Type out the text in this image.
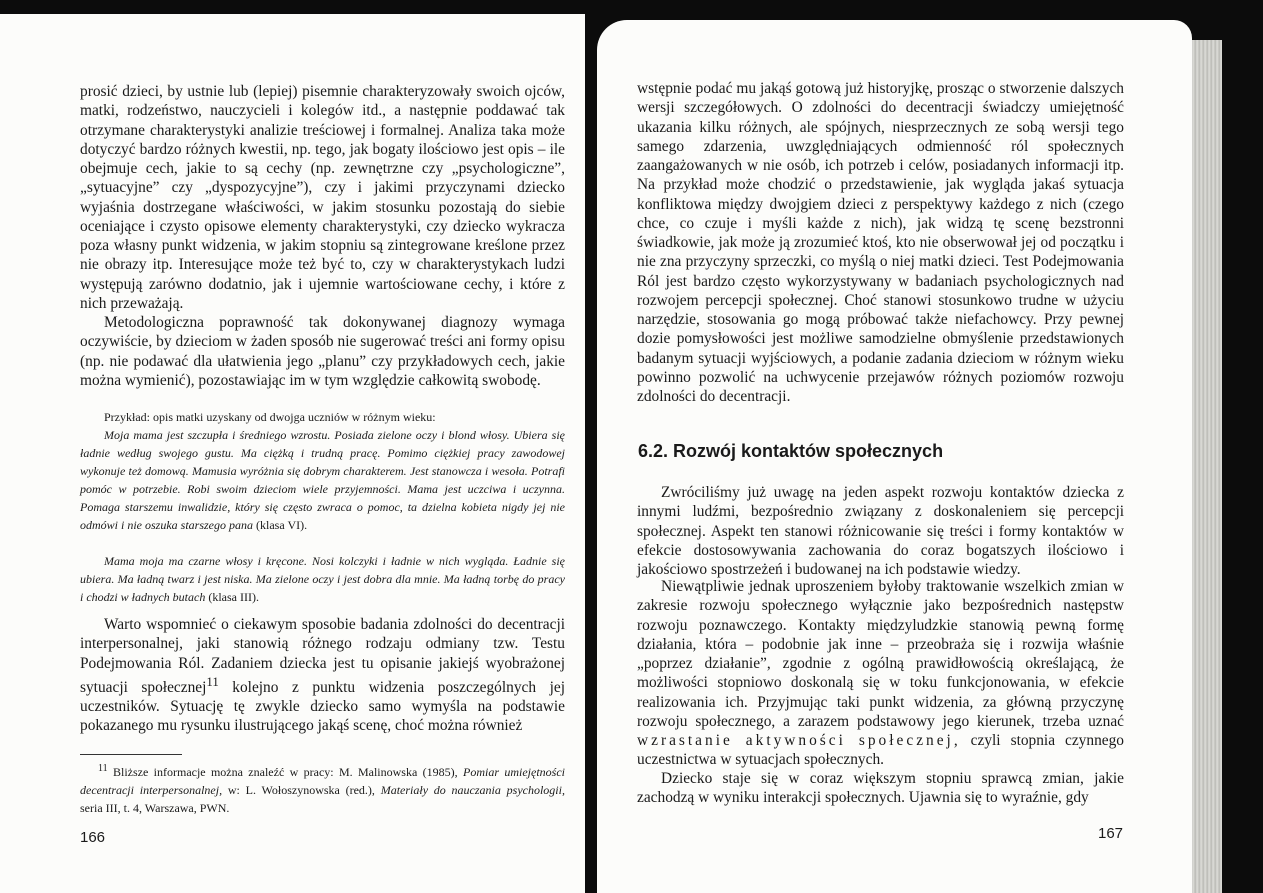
prosić dzieci, by ustnie lub (lepiej) pisemnie charakteryzowały swoich ojców, matki, rodzeństwo, nauczycieli i kolegów itd., a następnie poddawać tak otrzymane charakterystyki analizie treściowej i formalnej. Analiza taka może dotyczyć bardzo różnych kwestii, np. tego, jak bogaty ilościowo jest opis – ile obejmuje cech, jakie to są cechy (np. zewnętrzne czy „psychologiczne”, „sytuacyjne” czy „dyspozycyjne”), czy i jakimi przyczynami dziecko wyjaśnia dostrzegane właściwości, w jakim stosunku pozostają do siebie oceniające i czysto opisowe elementy charakterystyki, czy dziecko wykracza poza własny punkt widzenia, w jakim stopniu są zintegrowane kreślone przez nie obrazy itp. Interesujące może też być to, czy w charakterystykach ludzi występują zarówno dodatnio, jak i ujemnie wartościowane cechy, i które z nich przeważają.

Metodologiczna poprawność tak dokonywanej diagnozy wymaga oczywiście, by dzieciom w żaden sposób nie sugerować treści ani formy opisu (np. nie podawać dla ułatwienia jego „planu” czy przykładowych cech, jakie można wymienić), pozostawiając im w tym względzie całkowitą swobodę.

Przykład: opis matki uzyskany od dwojga uczniów w różnym wieku:

Moja mama jest szczupła i średniego wzrostu. Posiada zielone oczy i blond włosy. Ubiera się ładnie według swojego gustu. Ma ciężką i trudną pracę. Pomimo ciężkiej pracy zawodowej wykonuje też domową. Mamusia wyróżnia się dobrym charakterem. Jest stanowcza i wesoła. Potrafi pomóc w potrzebie. Robi swoim dzieciom wiele przyjemności. Mama jest uczciwa i uczynna. Pomaga starszemu inwalidzie, który się często zwraca o pomoc, ta dzielna kobieta nigdy jej nie odmówi i nie oszuka starszego pana (klasa VI).

Mama moja ma czarne włosy i kręcone. Nosi kolczyki i ładnie w nich wygląda. Ładnie się ubiera. Ma ładną twarz i jest niska. Ma zielone oczy i jest dobra dla mnie. Ma ładną torbę do pracy i chodzi w ładnych butach (klasa III).

Warto wspomnieć o ciekawym sposobie badania zdolności do decentracji interpersonalnej, jaki stanowią różnego rodzaju odmiany tzw. Testu Podejmowania Ról. Zadaniem dziecka jest tu opisanie jakiejś wyobrażonej sytuacji społecznej$^{11}$ kolejno z punktu widzenia poszczególnych jej uczestników. Sytuację tę zwykle dziecko samo wymyśla na podstawie pokazanego mu rysunku ilustrującego jakąś scenę, choć można również

$^{11}$ Bliższe informacje można znaleźć w pracy: M. Malinowska (1985), Pomiar umiejętności decentracji interpersonalnej, w: L. Wołoszynowska (red.), Materiały do nauczania psychologii, seria III, t. 4, Warszawa, PWN.

166

wstępnie podać mu jakąś gotową już historyjkę, prosząc o stworzenie dalszych wersji szczegółowych. O zdolności do decentracji świadczy umiejętność ukazania kilku różnych, ale spójnych, niesprzecznych ze sobą wersji tego samego zdarzenia, uwzględniających odmienność ról społecznych zaangażowanych w nie osób, ich potrzeb i celów, posiadanych informacji itp. Na przykład może chodzić o przedstawienie, jak wygląda jakaś sytuacja konfliktowa między dwojgiem dzieci z perspektywy każdego z nich (czego chce, co czuje i myśli każde z nich), jak widzą tę scenę bezstronni świadkowie, jak może ją zrozumieć ktoś, kto nie obserwował jej od początku i nie zna przyczyny sprzeczki, co myślą o niej matki dzieci. Test Podejmowania Ról jest bardzo często wykorzystywany w badaniach psychologicznych nad rozwojem percepcji społecznej. Choć stanowi stosunkowo trudne w użyciu narzędzie, stosowania go mogą próbować także niefachowcy. Przy pewnej dozie pomysłowości jest możliwe samodzielne obmyślenie przedstawionych badanym sytuacji wyjściowych, a podanie zadania dzieciom w różnym wieku powinno pozwolić na uchwycenie przejawów różnych poziomów rozwoju zdolności do decentracji.

6.2. Rozwój kontaktów społecznych

Zwróciliśmy już uwagę na jeden aspekt rozwoju kontaktów dziecka z innymi ludźmi, bezpośrednio związany z doskonaleniem się percepcji społecznej. Aspekt ten stanowi różnicowanie się treści i formy kontaktów w efekcie dostosowywania zachowania do coraz bogatszych ilościowo i jakościowo spostrzeżeń i budowanej na ich podstawie wiedzy.

Niewątpliwie jednak uproszeniem byłoby traktowanie wszelkich zmian w zakresie rozwoju społecznego wyłącznie jako bezpośrednich następstw rozwoju poznawczego. Kontakty międzyludzkie stanowią pewną formę działania, która – podobnie jak inne – przeobraża się i rozwija właśnie „poprzez działanie”, zgodnie z ogólną prawidłowością określającą, że możliwości stopniowo doskonalą się w toku funkcjonowania, w efekcie realizowania ich. Przyjmując taki punkt widzenia, za główną przyczynę rozwoju społecznego, a zarazem podstawowy jego kierunek, trzeba uznać wzrastanie aktywności społecznej, czyli stopnia czynnego uczestnictwa w sytuacjach społecznych.

Dziecko staje się w coraz większym stopniu sprawcą zmian, jakie zachodzą w wyniku interakcji społecznych. Ujawnia się to wyraźnie, gdy

167
